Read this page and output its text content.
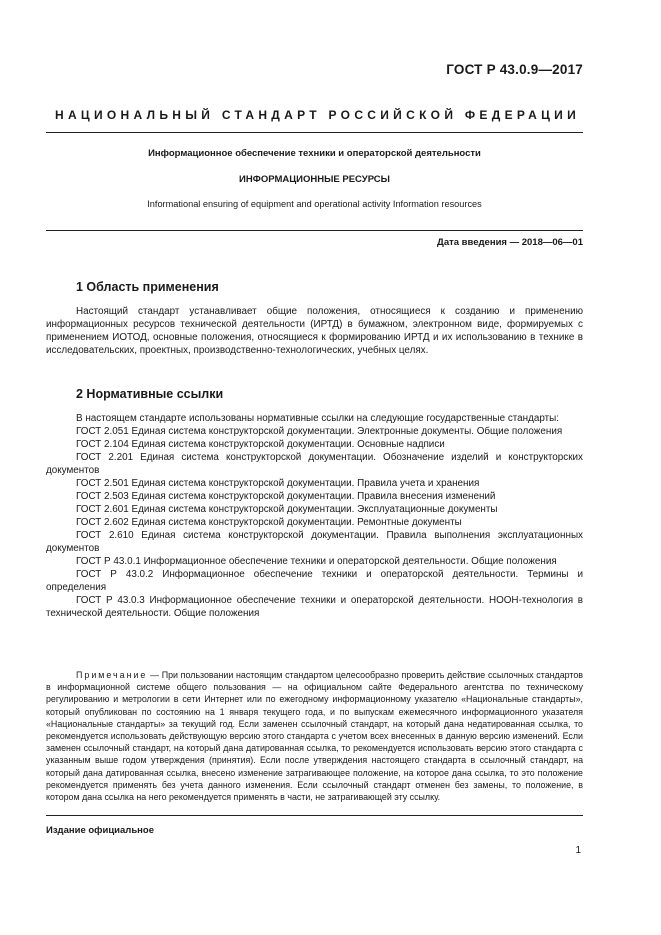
ГОСТ Р 43.0.9—2017
НАЦИОНАЛЬНЫЙ СТАНДАРТ РОССИЙСКОЙ ФЕДЕРАЦИИ
Информационное обеспечение техники и операторской деятельности
ИНФОРМАЦИОННЫЕ РЕСУРСЫ
Informational ensuring of equipment and operational activity Information resources
Дата введения — 2018—06—01
1 Область применения

Настоящий стандарт устанавливает общие положения, относящиеся к созданию и применению информационных ресурсов технической деятельности (ИРТД) в бумажном, электронном виде, формируемых с применением ИОТОД, основные положения, относящиеся к формированию ИРТД и их использованию в технике в исследовательских, проектных, производственно-технологических, учебных целях.

2 Нормативные ссылки

В настоящем стандарте использованы нормативные ссылки на следующие государственные стандарты:

ГОСТ 2.051 Единая система конструкторской документации. Электронные документы. Общие положения

ГОСТ 2.104 Единая система конструкторской документации. Основные надписи

ГОСТ 2.201 Единая система конструкторской документации. Обозначение изделий и конструкторских документов

ГОСТ 2.501 Единая система конструкторской документации. Правила учета и хранения

ГОСТ 2.503 Единая система конструкторской документации. Правила внесения изменений

ГОСТ 2.601 Единая система конструкторской документации. Эксплуатационные документы

ГОСТ 2.602 Единая система конструкторской документации. Ремонтные документы

ГОСТ 2.610 Единая система конструкторской документации. Правила выполнения эксплуатационных документов

ГОСТ Р 43.0.1 Информационное обеспечение техники и операторской деятельности. Общие положения

ГОСТ Р 43.0.2 Информационное обеспечение техники и операторской деятельности. Термины и определения

ГОСТ Р 43.0.3 Информационное обеспечение техники и операторской деятельности. НООН-технология в технической деятельности. Общие положения

Примечание — При пользовании настоящим стандартом целесообразно проверить действие ссылочных стандартов в информационной системе общего пользования — на официальном сайте Федерального агентства по техническому регулированию и метрологии в сети Интернет или по ежегодному информационному указателю «Национальные стандарты», который опубликован по состоянию на 1 января текущего года, и по выпускам ежемесячного информационного указателя «Национальные стандарты» за текущий год. Если заменен ссылочный стандарт, на который дана недатированная ссылка, то рекомендуется использовать действующую версию этого стандарта с учетом всех внесенных в данную версию изменений. Если заменен ссылочный стандарт, на который дана датированная ссылка, то рекомендуется использовать версию этого стандарта с указанным выше годом утверждения (принятия). Если после утверждения настоящего стандарта в ссылочный стандарт, на который дана датированная ссылка, внесено изменение затрагивающее положение, на которое дана ссылка, то это положение рекомендуется применять без учета данного изменения. Если ссылочный стандарт отменен без замены, то положение, в котором дана ссылка на него рекомендуется применять в части, не затрагивающей эту ссылку.
Издание официальное
1
